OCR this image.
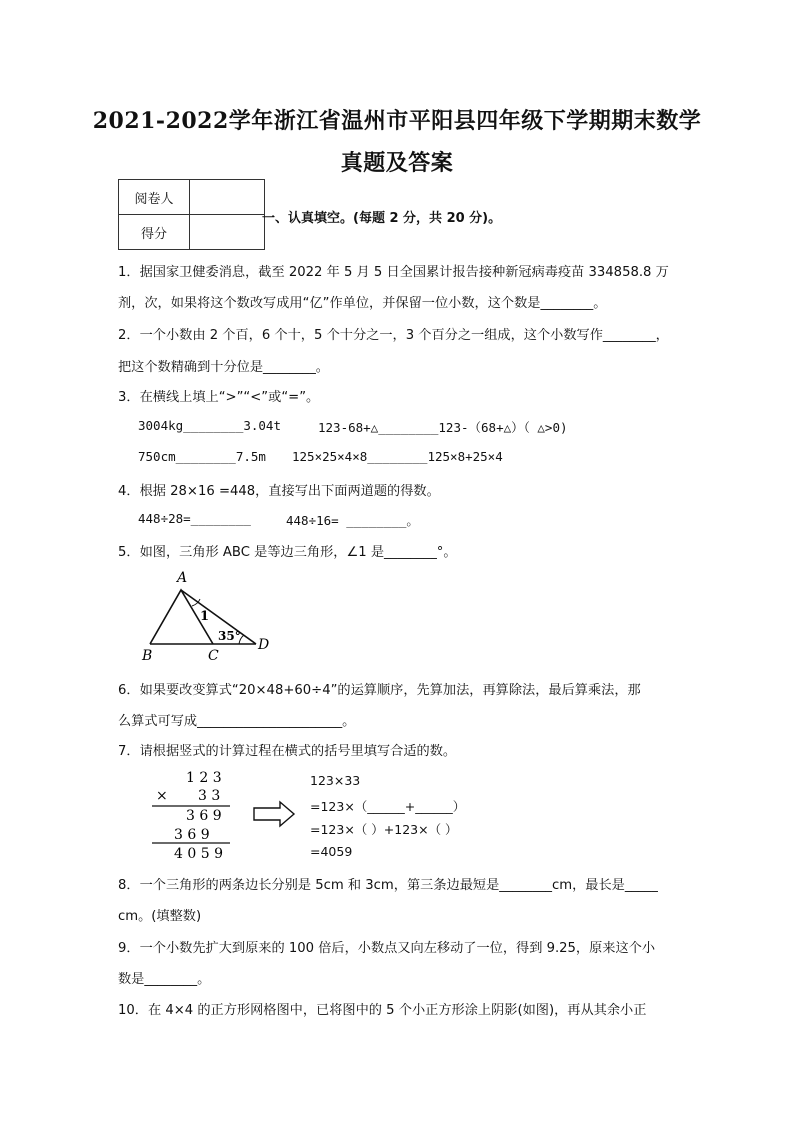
2021-2022学年浙江省温州市平阳县四年级下学期期末数学
真题及答案
阅卷人	
得分	
一、认真填空。(每题 2 分，共 20 分)。
1．据国家卫健委消息，截至 2022 年 5 月 5 日全国累计报告接种新冠病毒疫苗 334858.8 万
剂，次，如果将这个数改写成用“亿”作单位，并保留一位小数，这个数是________。
2．一个小数由 2 个百，6 个十，5 个十分之一，3 个百分之一组成，这个小数写作________，
把这个数精确到十分位是________。
3．在横线上填上“>”“<”或“=”。
3004kg________3.04t	123-68+△________123-（68+△）（ △>0)
750cm________7.5m 125×25×4×8________125×8+25×4
4．根据 28×16 =448，直接写出下面两道题的得数。
448÷28=________	448÷16= ________。
5．如图，三角形 ABC 是等边三角形，∠1 是________°。
A
B	C
D
1
35°
6．如果要改变算式“20×48+60÷4”的运算顺序，先算加法，再算除法，最后算乘法，那
么算式可写成______________________。
7．请根据竖式的计算过程在横式的括号里填写合适的数。
1 2 3
× 3 3
3 6 9
3 6 9
4 0 5 9
123×33
=123×（______+______）
=123×（ ）+123×（ ）
=4059
8．一个三角形的两条边长分别是 5cm 和 3cm，第三条边最短是________cm，最长是_____
cm。(填整数)
9．一个小数先扩大到原来的 100 倍后，小数点又向左移动了一位，得到 9.25，原来这个小
数是________。
10．在 4×4 的正方形网格图中，已将图中的 5 个小正方形涂上阴影(如图)，再从其余小正
